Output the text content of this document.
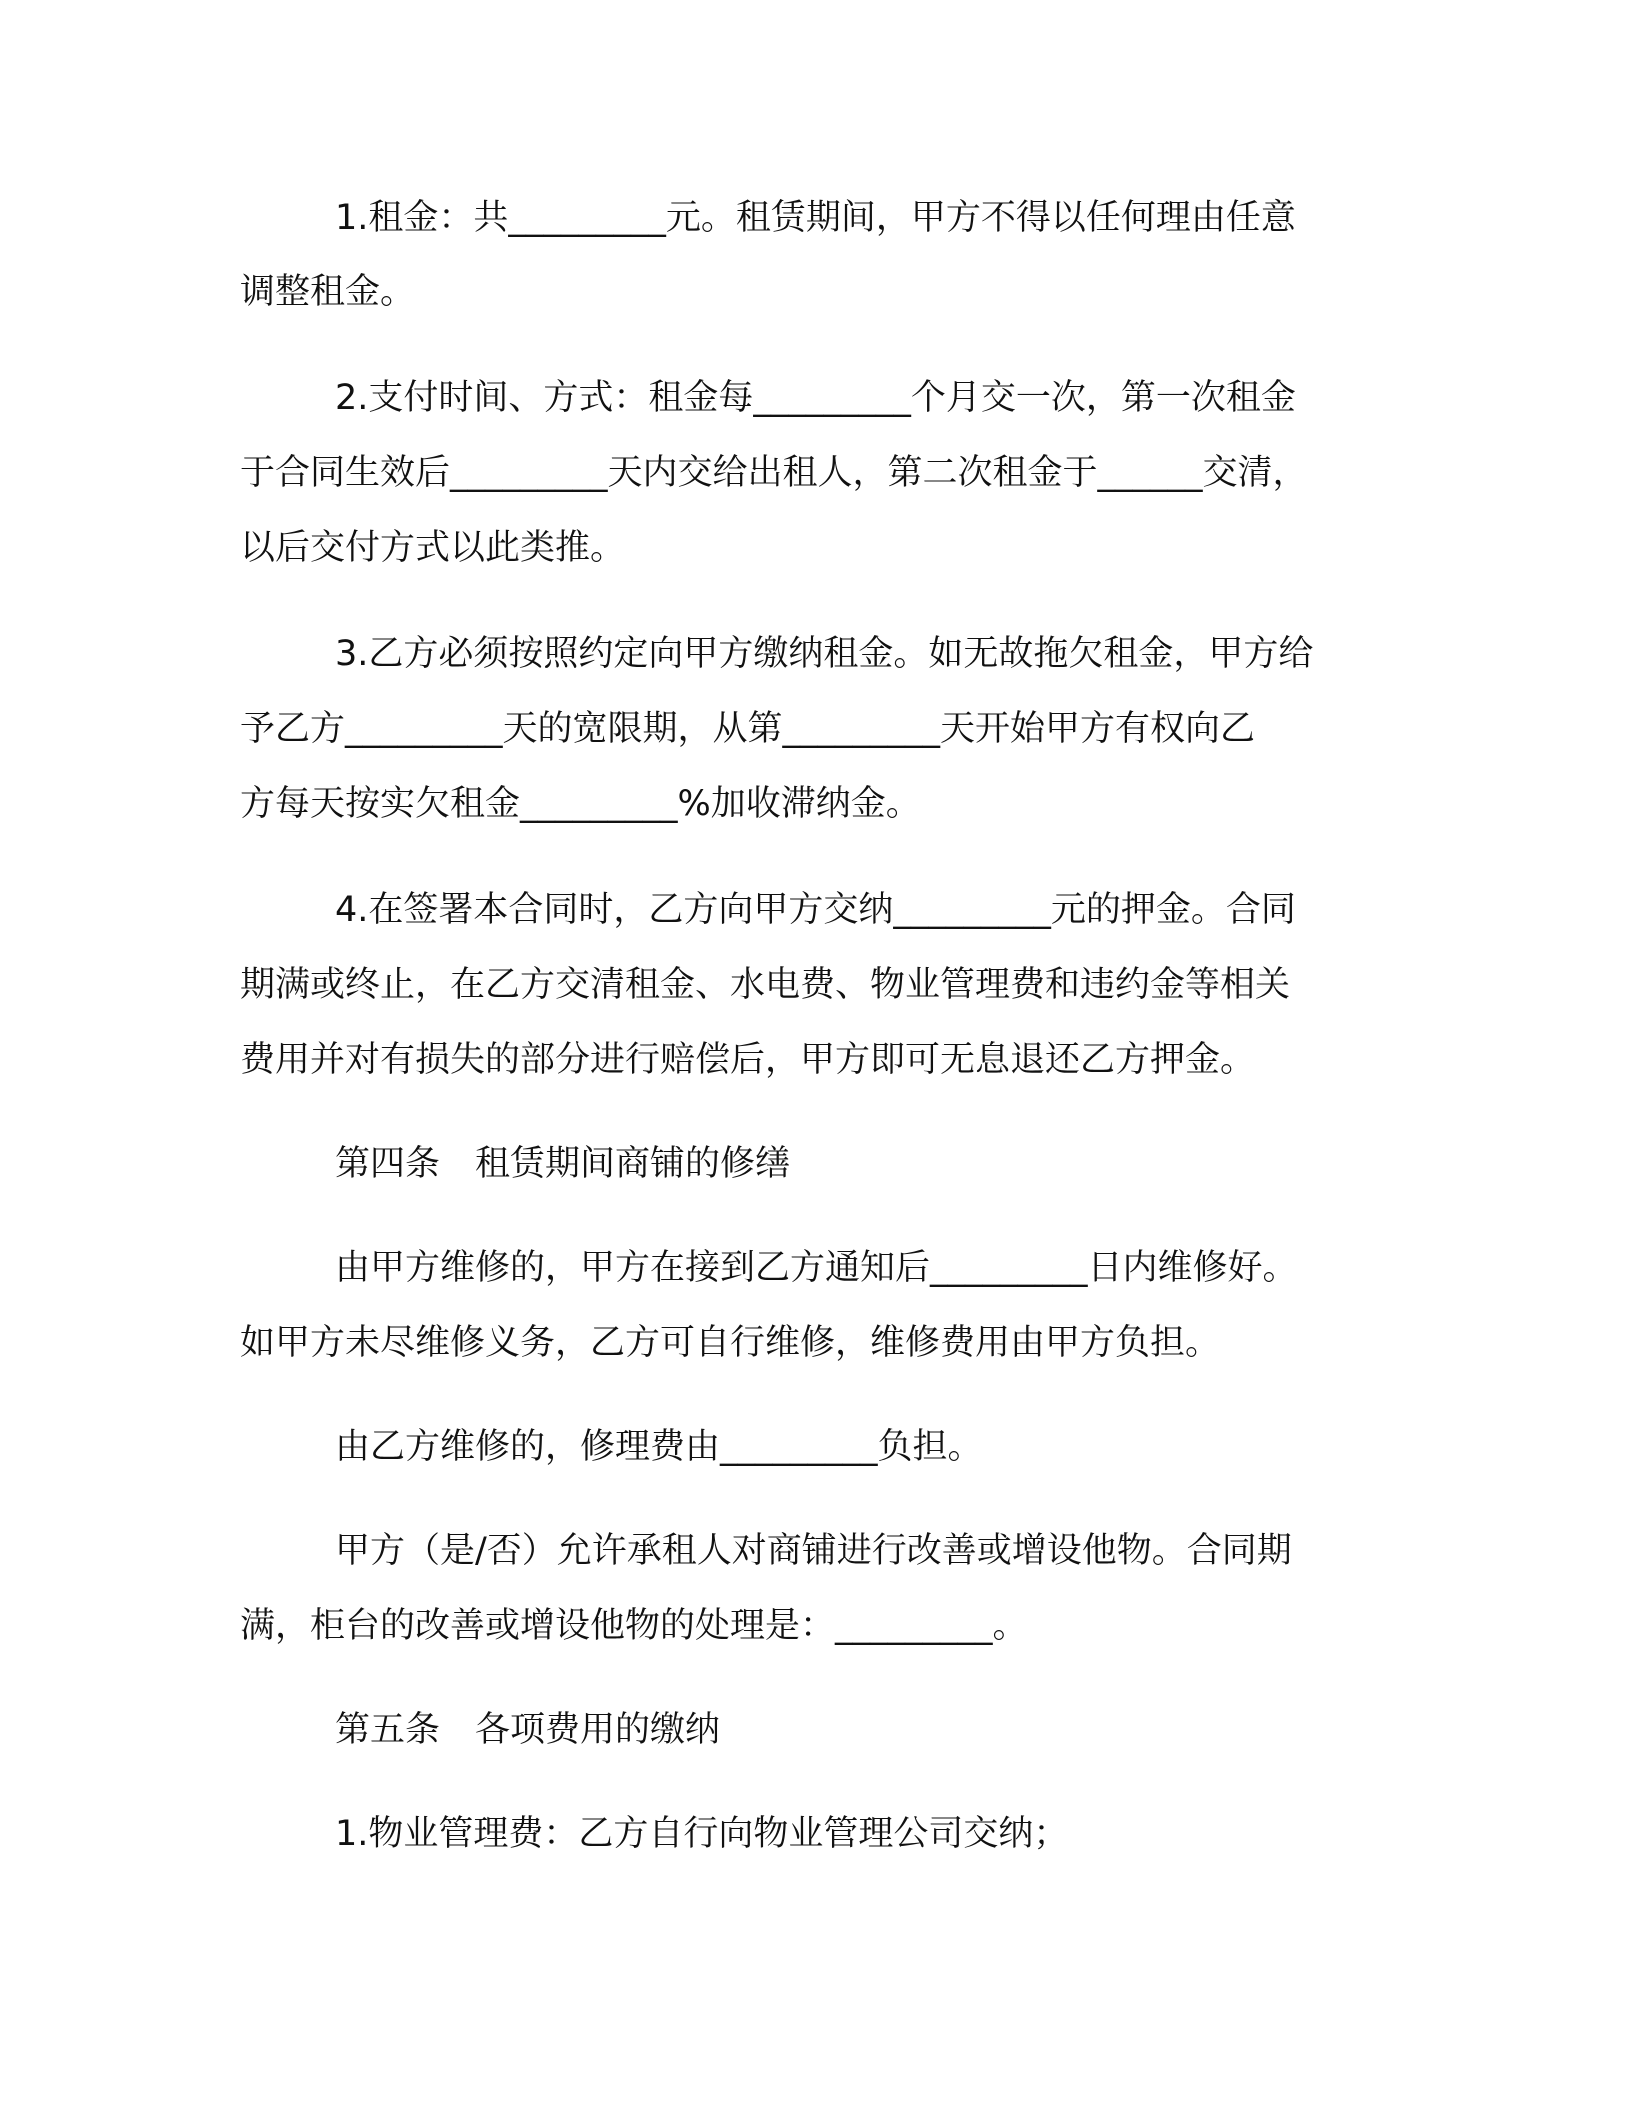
1.租金：共_________元。租赁期间，甲方不得以任何理由任意
调整租金。
2.支付时间、方式：租金每_________个月交一次，第一次租金
于合同生效后_________天内交给出租人，第二次租金于______交清，
以后交付方式以此类推。
3.乙方必须按照约定向甲方缴纳租金。如无故拖欠租金，甲方给
予乙方_________天的宽限期，从第_________天开始甲方有权向乙
方每天按实欠租金_________%加收滞纳金。
4.在签署本合同时，乙方向甲方交纳_________元的押金。合同
期满或终止，在乙方交清租金、水电费、物业管理费和违约金等相关
费用并对有损失的部分进行赔偿后，甲方即可无息退还乙方押金。
第四条　租赁期间商铺的修缮
由甲方维修的，甲方在接到乙方通知后_________日内维修好。
如甲方未尽维修义务，乙方可自行维修，维修费用由甲方负担。
由乙方维修的，修理费由_________负担。
甲方（是/否）允许承租人对商铺进行改善或增设他物。合同期
满，柜台的改善或增设他物的处理是：_________。
第五条　各项费用的缴纳
1.物业管理费：乙方自行向物业管理公司交纳；
